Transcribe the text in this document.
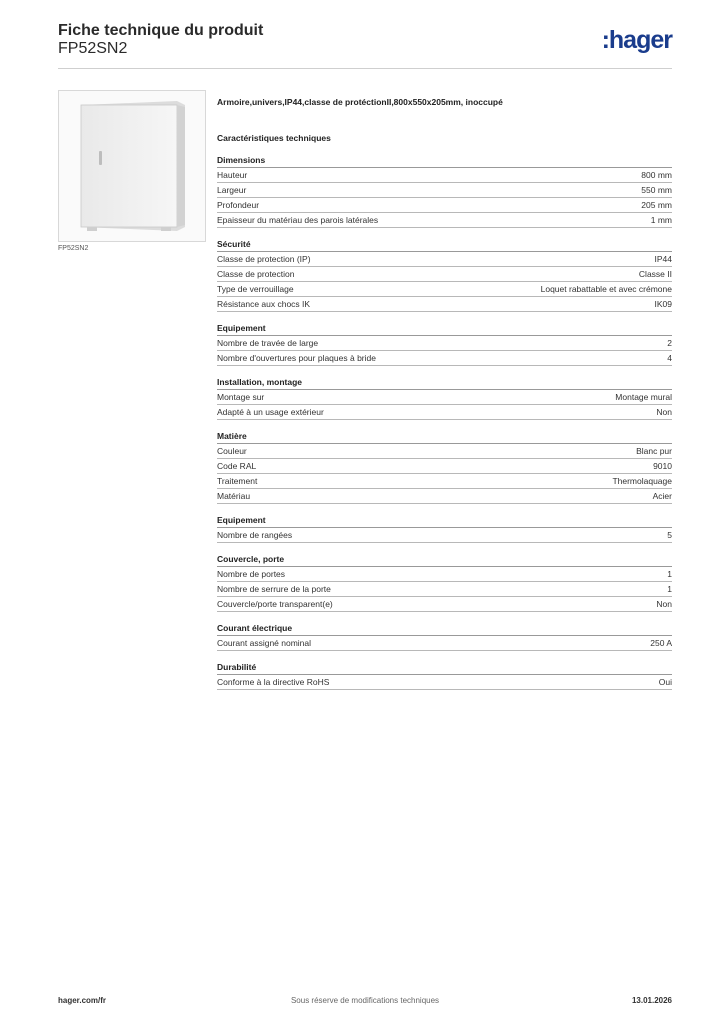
Fiche technique du produit
FP52SN2	:hager
FP52SN2
Armoire,univers,IP44,classe de protéctionII,800x550x205mm, inoccupé
Caractéristiques techniques
Dimensions
Hauteur	800 mm
Largeur	550 mm
Profondeur	205 mm
Epaisseur du matériau des parois latérales	1 mm
Sécurité
Classe de protection (IP)	IP44
Classe de protection	Classe II
Type de verrouillage	Loquet rabattable et avec crémone
Résistance aux chocs IK	IK09
Equipement
Nombre de travée de large	2
Nombre d'ouvertures pour plaques à bride	4
Installation, montage
Montage sur	Montage mural
Adapté à un usage extérieur	Non
Matière
Couleur	Blanc pur
Code RAL	9010
Traitement	Thermolaquage
Matériau	Acier
Equipement
Nombre de rangées	5
Couvercle, porte
Nombre de portes	1
Nombre de serrure de la porte	1
Couvercle/porte transparent(e)	Non
Courant électrique
Courant assigné nominal	250 A
Durabilité
Conforme à la directive RoHS	Oui
hager.com/fr	Sous réserve de modifications techniques	13.01.2026
